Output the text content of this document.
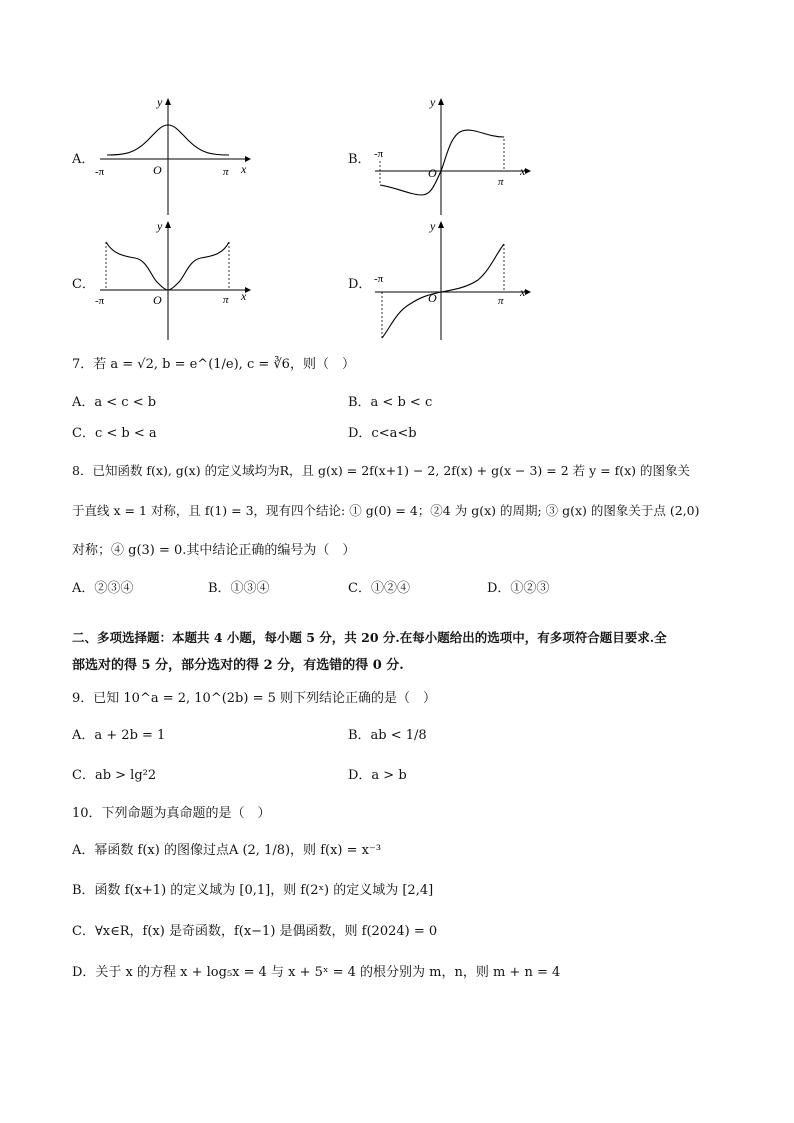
A．
-π	O	π x
y
B． -π
O
π
x
y
C．
-π	O	π x
y
D． -π
O	π
x
y
7．若 a = √2, b = e^(1/e), c = ∛6，则（　）
A．a < c < b	B．a < b < c
C．c < b < a	D．c<a<b
8．已知函数 f(x), g(x) 的定义域均为R，且 g(x) = 2f(x+1) − 2, 2f(x) + g(x − 3) = 2 若 y = f(x) 的图象关
于直线 x = 1 对称，且 f(1) = 3，现有四个结论: ① g(0) = 4；②4 为 g(x) 的周期; ③ g(x) 的图象关于点 (2,0)
对称；④ g(3) = 0.其中结论正确的编号为（　）
A．②③④	B．①③④	C．①②④	D．①②③
二、多项选择题：本题共 4 小题，每小题 5 分，共 20 分.在每小题给出的选项中，有多项符合题目要求.全
部选对的得 5 分，部分选对的得 2 分，有选错的得 0 分.
9．已知 10^a = 2, 10^(2b) = 5 则下列结论正确的是（　）
A．a + 2b = 1	B．ab < 1/8
C．ab > lg²2	D．a > b
10．下列命题为真命题的是（　）
A．幂函数 f(x) 的图像过点A (2, 1/8)，则 f(x) = x⁻³
B．函数 f(x+1) 的定义域为 [0,1]，则 f(2ˣ) 的定义域为 [2,4]
C．∀x∈R，f(x) 是奇函数，f(x−1) 是偶函数，则 f(2024) = 0
D．关于 x 的方程 x + log₅x = 4 与 x + 5ˣ = 4 的根分别为 m，n，则 m + n = 4
